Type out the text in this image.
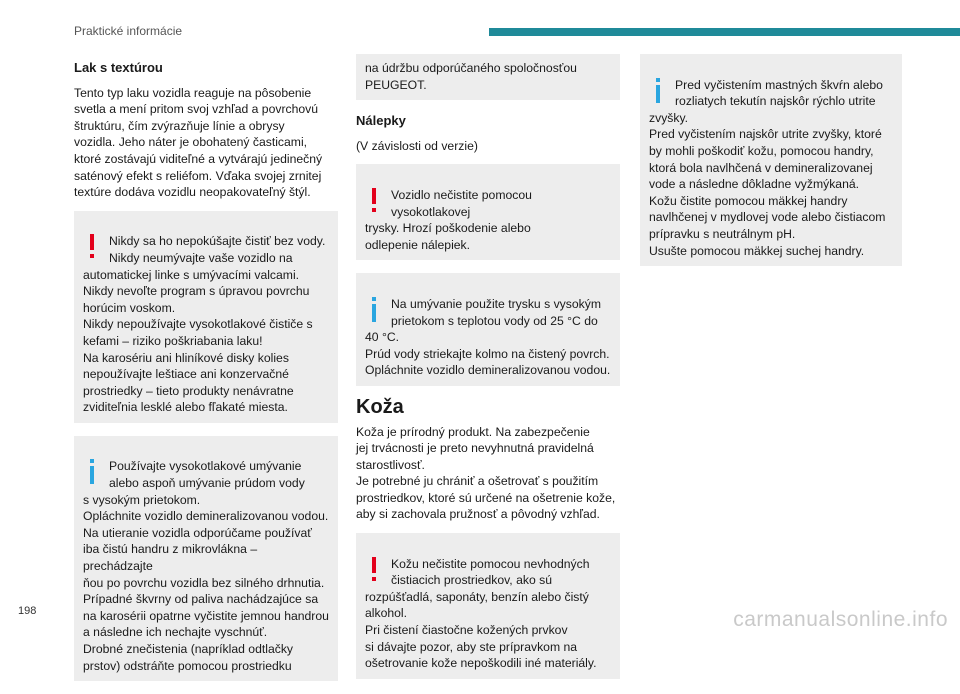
Praktické informácie
Lak s textúrou
Tento typ laku vozidla reaguje na pôsobenie
svetla a mení pritom svoj vzhľad a povrchovú
štruktúru, čím zvýrazňuje línie a obrysy
vozidla. Jeho náter je obohatený časticami,
ktoré zostávajú viditeľné a vytvárajú jedinečný
saténový efekt s reliéfom. Vďaka svojej zrnitej
textúre dodáva vozidlu neopakovateľný štýl.

Nikdy sa ho nepokúšajte čistiť bez vody.
Nikdy neumývajte vaše vozidlo na
automatickej linke s umývacími valcami.
Nikdy nevoľte program s úpravou povrchu
horúcim voskom.
Nikdy nepoužívajte vysokotlakové čističe s
kefami – riziko poškriabania laku!
Na karosériu ani hliníkové disky kolies
nepoužívajte leštiace ani konzervačné
prostriedky – tieto produkty nenávratne
zviditeľnia lesklé alebo fľakaté miesta.

Používajte vysokotlakové umývanie
alebo aspoň umývanie prúdom vody
s vysokým prietokom.
Opláchnite vozidlo demineralizovanou vodou.
Na utieranie vozidla odporúčame používať
iba čistú handru z mikrovlákna – prechádzajte
ňou po povrchu vozidla bez silného drhnutia.
Prípadné škvrny od paliva nachádzajúce sa
na karosérii opatrne vyčistite jemnou handrou
a následne ich nechajte vyschnúť.
Drobné znečistenia (napríklad odtlačky
prstov) odstráňte pomocou prostriedku

na údržbu odporúčaného spoločnosťou
PEUGEOT.
Nálepky
(V závislosti od verzie)

Vozidlo nečistite pomocou vysokotlakovej
trysky. Hrozí poškodenie alebo
odlepenie nálepiek.

Na umývanie použite trysku s vysokým
prietokom s teplotou vody od 25 °C do
40 °C.
Prúd vody striekajte kolmo na čistený povrch.
Opláchnite vozidlo demineralizovanou vodou.

Koža
Koža je prírodný produkt. Na zabezpečenie
jej trvácnosti je preto nevyhnutná pravidelná
starostlivosť.
Je potrebné ju chrániť a ošetrovať s použitím
prostriedkov, ktoré sú určené na ošetrenie kože,
aby si zachovala pružnosť a pôvodný vzhľad.

Kožu nečistite pomocou nevhodných
čistiacich prostriedkov, ako sú
rozpúšťadlá, saponáty, benzín alebo čistý
alkohol.
Pri čistení čiastočne kožených prvkov
si dávajte pozor, aby ste prípravkom na
ošetrovanie kože nepoškodili iné materiály.

Pred vyčistením mastných škvŕn alebo
rozliatych tekutín najskôr rýchlo utrite
zvyšky.
Pred vyčistením najskôr utrite zvyšky, ktoré
by mohli poškodiť kožu, pomocou handry,
ktorá bola navlhčená v demineralizovanej
vode a následne dôkladne vyžmýkaná.
Kožu čistite pomocou mäkkej handry
navlhčenej v mydlovej vode alebo čistiacom
prípravku s neutrálnym pH.
Usušte pomocou mäkkej suchej handry.

198	carmanualsonline.info
